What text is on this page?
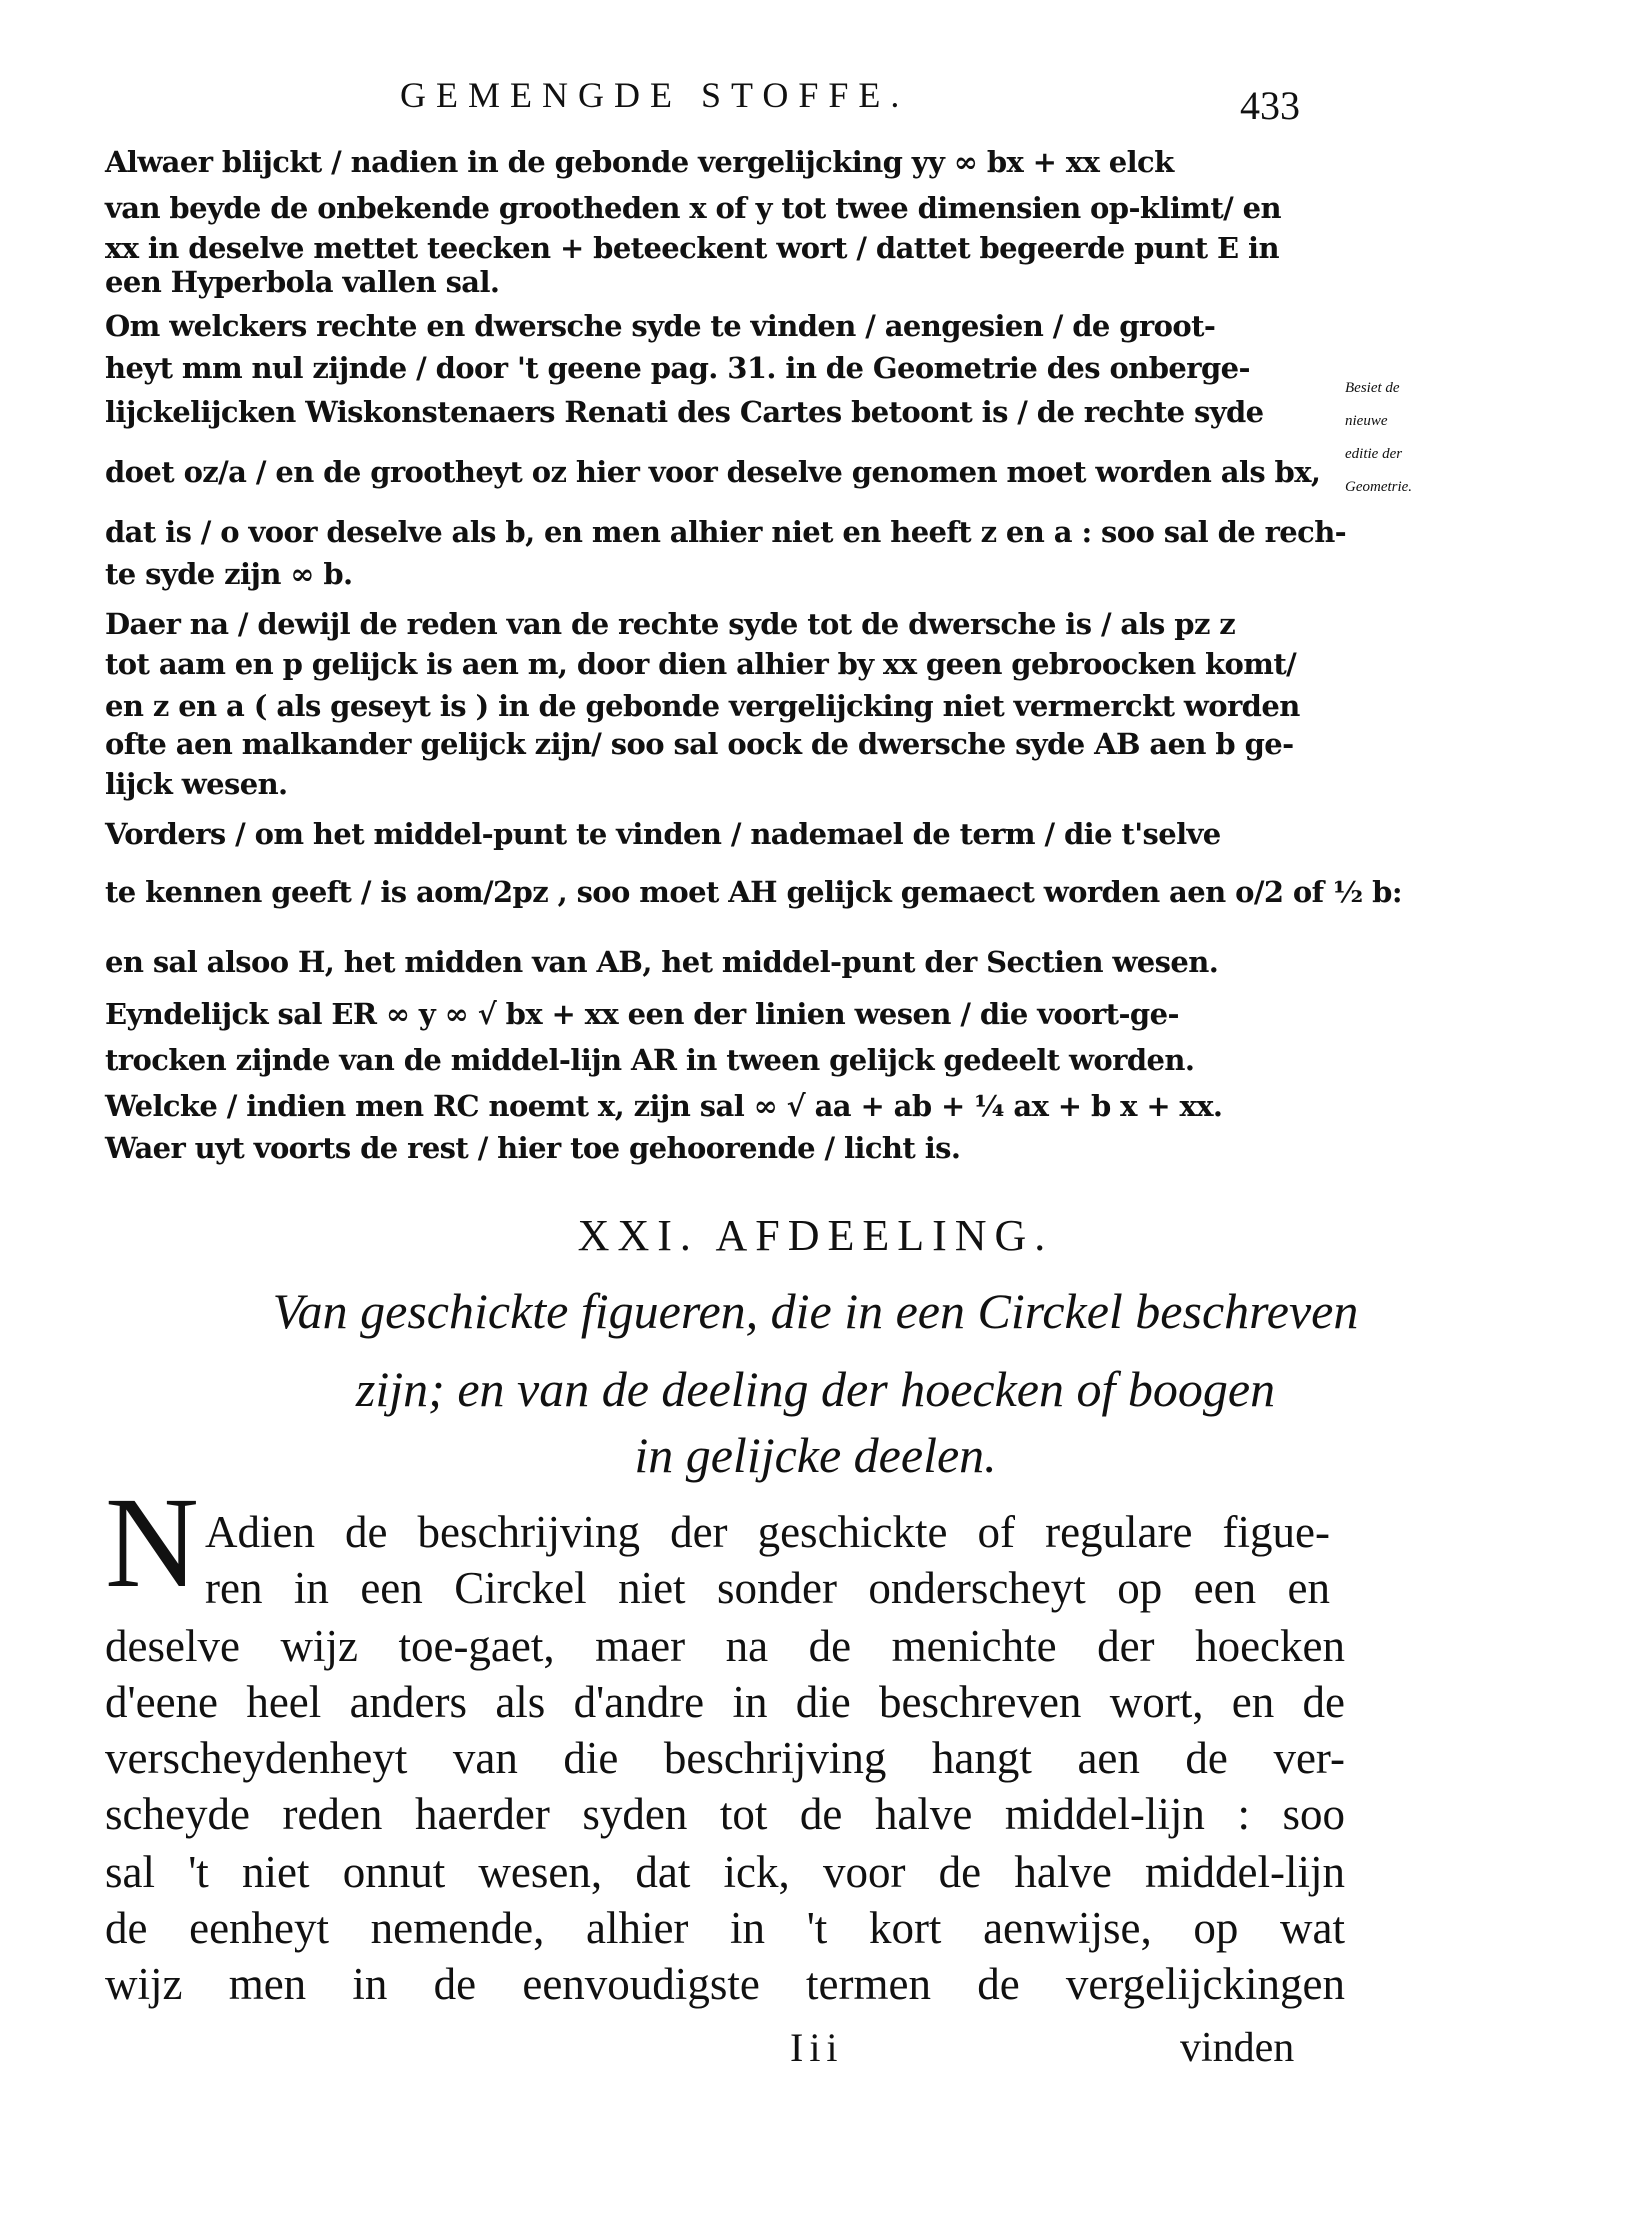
GEMENGDE STOFFE.	433
Alwaer blijckt / nadien in de gebonde vergelijcking yy ∞ bx + xx elck
van beyde de onbekende grootheden x of y tot twee dimensien op-klimt/ en
xx in deselve mettet teecken + beteeckent wort / dattet begeerde punt E in
een Hyperbola vallen sal.
Om welckers rechte en dwersche syde te vinden / aengesien / de groot-
heyt mm nul zijnde / door 't geene pag. 31. in de Geometrie des onberge-
lijckelijcken Wiskonstenaers Renati des Cartes betoont is / de rechte syde
doet oz/a / en de grootheyt oz hier voor deselve genomen moet worden als bx,
dat is / o voor deselve als b, en men alhier niet en heeft z en a : soo sal de rech-
te syde zijn ∞ b.
Daer na / dewijl de reden van de rechte syde tot de dwersche is / als pz z
tot aam en p gelijck is aen m, door dien alhier by xx geen gebroocken komt/
en z en a ( als geseyt is ) in de gebonde vergelijcking niet vermerckt worden
ofte aen malkander gelijck zijn/ soo sal oock de dwersche syde AB aen b ge-
lijck wesen.
Vorders / om het middel-punt te vinden / nademael de term / die t'selve
te kennen geeft / is aom/2pz , soo moet AH gelijck gemaect worden aen o/2 of ½ b:
en sal alsoo H, het midden van AB, het middel-punt der Sectien wesen.
Eyndelijck sal ER ∞ y ∞ √ bx + xx een der linien wesen / die voort-ge-
trocken zijnde van de middel-lijn AR in tween gelijck gedeelt worden.
Welcke / indien men RC noemt x, zijn sal ∞ √ aa + ab + ¼ ax + b x + xx.
Waer uyt voorts de rest / hier toe gehoorende / licht is.
Besiet de
nieuwe
editie der
Geometrie.
XXI. AFDEELING.
Van geschickte figueren, die in een Circkel beschreven
zijn; en van de deeling der hoecken of boogen
in gelijcke deelen.
N Adien de beschrijving der geschickte of regulare figue-
ren in een Circkel niet sonder onderscheyt op een en
deselve wijz toe-gaet, maer na de menichte der hoecken
d'eene heel anders als d'andre in die beschreven wort, en de
verscheydenheyt van die beschrijving hangt aen de ver-
scheyde reden haerder syden tot de halve middel-lijn : soo
sal 't niet onnut wesen, dat ick, voor de halve middel-lijn
de eenheyt nemende, alhier in 't kort aenwijse, op wat
wijz men in de eenvoudigste termen de vergelijckingen
Iii	vinden
